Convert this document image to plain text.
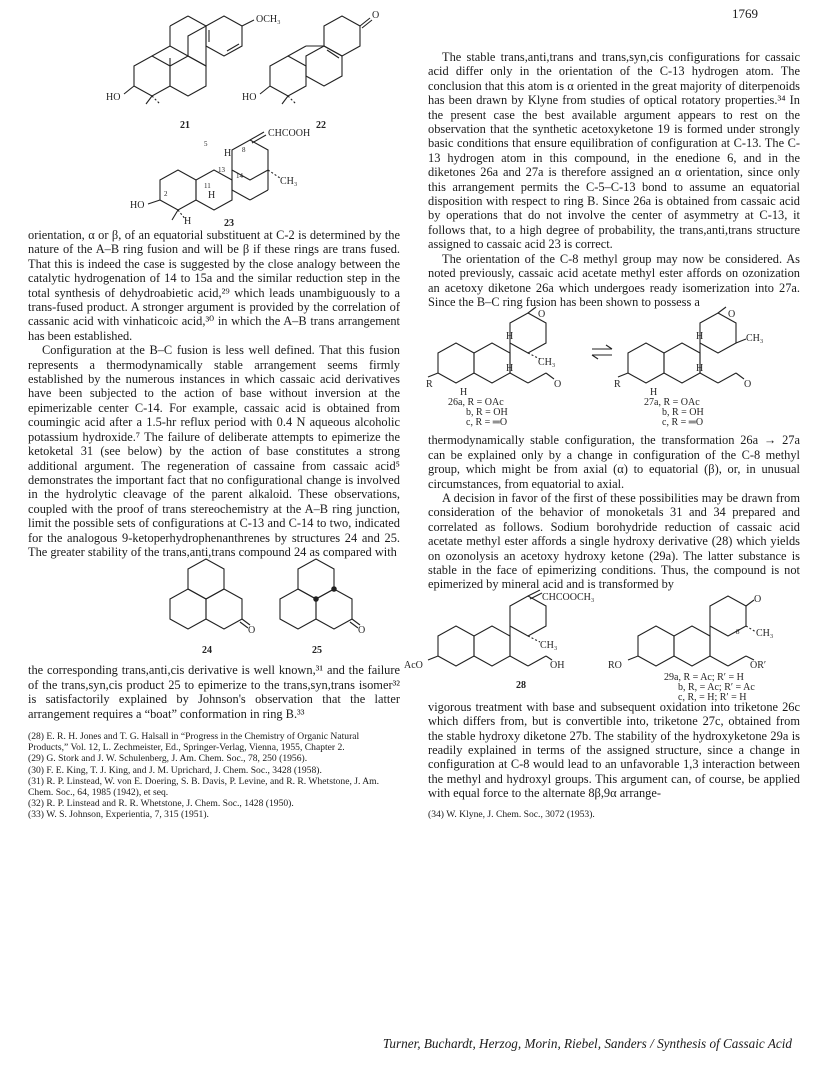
1769
OCH₃
HO
21
O
HO
22
CHCOOH
CH₃
HO
H
H
5
13
8
14
11
2
H	23

orientation, α or β, of an equatorial substituent at C-2 is determined by the nature of the A–B ring fusion and will be β if these rings are trans fused. That this is indeed the case is suggested by the close analogy between the catalytic hydrogenation of 14 to 15a and the similar reduction step in the total synthesis of dehydroabietic acid,²⁹ which leads unambiguously to a trans-fused product. A stronger argument is provided by the correlation of cassanic acid with vinhaticoic acid,³⁰ in which the A–B trans arrangement has been established.

Configuration at the B–C fusion is less well defined. That this fusion represents a thermodynamically stable arrangement seems firmly established by the numerous instances in which cassaic acid derivatives have been subjected to the action of base without inversion at the epimerizable center C-14. For example, cassaic acid is obtained from coumingic acid after a 1.5-hr reflux period with 0.4 N aqueous alcoholic potassium hydroxide.⁷ The failure of deliberate attempts to epimerize the ketoketal 31 (see below) by the action of base constitutes a strong additional argument. The regeneration of cassaine from cassaic acid⁵ demonstrates the important fact that no configurational change is involved in the hydrolytic cleavage of the parent alkaloid. These observations, coupled with the proof of trans stereochemistry at the A–B ring junction, limit the possible sets of configurations at C-13 and C-14 to two, indicated for the analogous 9-ketoperhydrophenanthrenes by structures 24 and 25. The greater stability of the trans,anti,trans compound 24 as compared with

O
24
O
25

the corresponding trans,anti,cis derivative is well known,³¹ and the failure of the trans,syn,cis product 25 to epimerize to the trans,syn,trans isomer³² is satisfactorily explained by Johnson's observation that the latter arrangement requires a “boat” conformation in ring B.³³

(28) E. R. H. Jones and T. G. Halsall in “Progress in the Chemistry of Organic Natural Products,” Vol. 12, L. Zechmeister, Ed., Springer-Verlag, Vienna, 1955, Chapter 2.
(29) G. Stork and J. W. Schulenberg, J. Am. Chem. Soc., 78, 250 (1956).
(30) F. E. King, T. J. King, and J. M. Uprichard, J. Chem. Soc., 3428 (1958).
(31) R. P. Linstead, W. von E. Doering, S. B. Davis, P. Levine, and R. R. Whetstone, J. Am. Chem. Soc., 64, 1985 (1942), et seq.
(32) R. P. Linstead and R. R. Whetstone, J. Chem. Soc., 1428 (1950).
(33) W. S. Johnson, Experientia, 7, 315 (1951).

The stable trans,anti,trans and trans,syn,cis configurations for cassaic acid differ only in the orientation of the C-13 hydrogen atom. The conclusion that this atom is α oriented in the great majority of diterpenoids has been drawn by Klyne from studies of optical rotatory properties.³⁴ In the present case the best available argument appears to rest on the observation that the synthetic acetoxyketone 19 is formed under strongly basic conditions that ensure equilibration of configuration at C-13. The C-13 hydrogen atom in this compound, in the enedione 6, and in the diketones 26a and 27a is therefore assigned an α orientation, since only this arrangement permits the C-5–C-13 bond to assume an equatorial disposition with respect to ring B. Since 26a is obtained from cassaic acid by operations that do not involve the center of asymmetry at C-13, it follows that, to a high degree of probability, the trans,anti,trans structure assigned to cassaic acid 23 is correct.

The orientation of the C-8 methyl group may now be considered. As noted previously, cassaic acid acetate methyl ester affords on ozonization an acetoxy diketone 26a which undergoes ready isomerization into 27a. Since the B–C ring fusion has been shown to possess a

O
O
CH₃
H
H
H
R
26a, R = OAc
b, R = OH
c, R = ═O
O
O
CH₃
H
H
H
R
27a, R = OAc
b, R = OH
c, R = ═O

thermodynamically stable configuration, the transformation 26a → 27a can be explained only by a change in configuration of the C-8 methyl group, which might be from axial (α) to equatorial (β), or, in unusual circumstances, from equatorial to axial.

A decision in favor of the first of these possibilities may be drawn from consideration of the behavior of monoketals 31 and 34 prepared and correlated as follows. Sodium borohydride reduction of cassaic acid acetate methyl ester affords a single hydroxy derivative (28) which yields on ozonolysis an acetoxy hydroxy ketone (29a). The latter substance is stable in the face of epimerizing conditions. Thus, the compound is not epimerized by mineral acid and is transformed by

CHCOOCH₃
CH₃
OH
AcO
28
O
CH₃
8
OR′
RO
29a, R = Ac; R′ = H
b, R, = Ac; R′ = Ac
c, R, = H; R′ = H

vigorous treatment with base and subsequent oxidation into triketone 26c which differs from, but is convertible into, triketone 27c, obtained from the stable hydroxy diketone 27b. The stability of the hydroxyketone 29a is readily explained in terms of the assigned structure, since a change in configuration at C-8 would lead to an unfavorable 1,3 interaction between the methyl and hydroxyl groups. This argument can, of course, be applied with equal force to the alternate 8β,9α arrange-

(34) W. Klyne, J. Chem. Soc., 3072 (1953).
Turner, Buchardt, Herzog, Morin, Riebel, Sanders / Synthesis of Cassaic Acid
